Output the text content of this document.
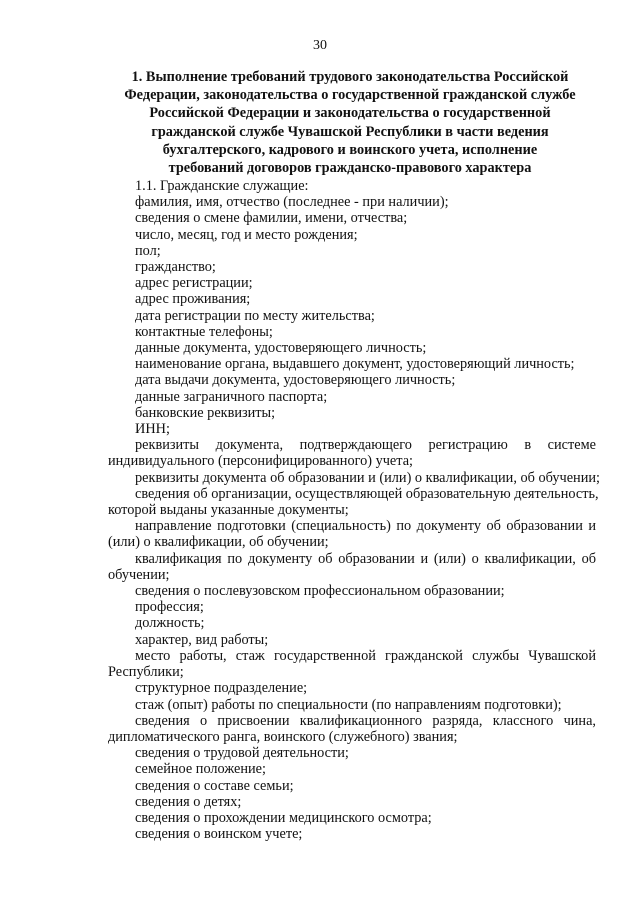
30
1. Выполнение требований трудового законодательства Российской
Федерации, законодательства о государственной гражданской службе
Российской Федерации и законодательства о государственной
гражданской службе Чувашской Республики в части ведения
бухгалтерского, кадрового и воинского учета, исполнение
требований договоров гражданско-правового характера
1.1. Гражданские служащие:
фамилия, имя, отчество (последнее - при наличии);
сведения о смене фамилии, имени, отчества;
число, месяц, год и место рождения;
пол;
гражданство;
адрес регистрации;
адрес проживания;
дата регистрации по месту жительства;
контактные телефоны;
данные документа, удостоверяющего личность;
наименование органа, выдавшего документ, удостоверяющий личность;
дата выдачи документа, удостоверяющего личность;
данные заграничного паспорта;
банковские реквизиты;
ИНН;
реквизиты документа, подтверждающего регистрацию в системе
индивидуального (персонифицированного) учета;
реквизиты документа об образовании и (или) о квалификации, об обучении;
сведения об организации, осуществляющей образовательную деятельность,
которой выданы указанные документы;
направление подготовки (специальность) по документу об образовании и
(или) о квалификации, об обучении;
квалификация по документу об образовании и (или) о квалификации, об
обучении;
сведения о послевузовском профессиональном образовании;
профессия;
должность;
характер, вид работы;
место работы, стаж государственной гражданской службы Чувашской
Республики;
структурное подразделение;
стаж (опыт) работы по специальности (по направлениям подготовки);
сведения о присвоении квалификационного разряда, классного чина,
дипломатического ранга, воинского (служебного) звания;
сведения о трудовой деятельности;
семейное положение;
сведения о составе семьи;
сведения о детях;
сведения о прохождении медицинского осмотра;
сведения о воинском учете;
